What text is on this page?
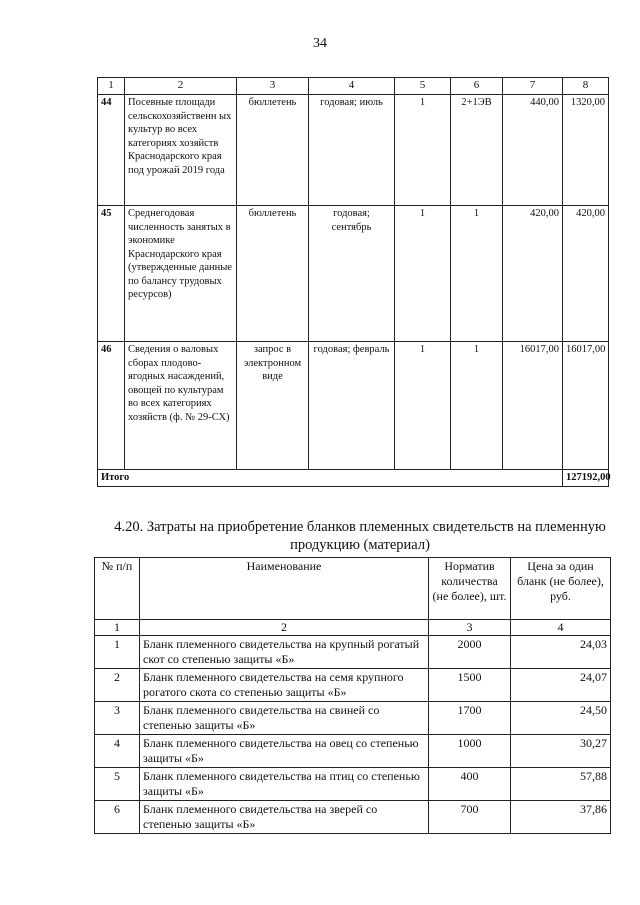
34
1	2	3	4	5	6	7	8
44	Посевные площади сельскохозяйственн ых культур во всех категориях хозяйств Краснодарского края под урожай 2019 года	бюллетень	годовая; июль	1	2+1ЭВ	440,00	1320,00
45	Среднегодовая численность занятых в экономике Краснодарского края (утвержденные данные по балансу трудовых ресурсов)	бюллетень	годовая; сентябрь	1	1	420,00	420,00
46	Сведения о валовых сборах плодово-ягодных насаждений, овощей по культурам во всех категориях хозяйств (ф. № 29-СХ)	запрос в электронном виде	годовая; февраль	1	1	16017,00	16017,00
Итого							127192,00
4.20. Затраты на приобретение бланков племенных свидетельств на племенную продукцию (материал)
№ п/п	Наименование	Норматив количества (не более), шт.	Цена за один бланк (не более), руб.
1	2	3	4
1	Бланк племенного свидетельства на крупный рогатый скот со степенью защиты «Б»	2000	24,03
2	Бланк племенного свидетельства на семя крупного рогатого скота со степенью защиты «Б»	1500	24,07
3	Бланк племенного свидетельства на свиней со степенью защиты «Б»	1700	24,50
4	Бланк племенного свидетельства на овец со степенью защиты «Б»	1000	30,27
5	Бланк племенного свидетельства на птиц со степенью защиты «Б»	400	57,88
6	Бланк племенного свидетельства на зверей со степенью защиты «Б»	700	37,86
